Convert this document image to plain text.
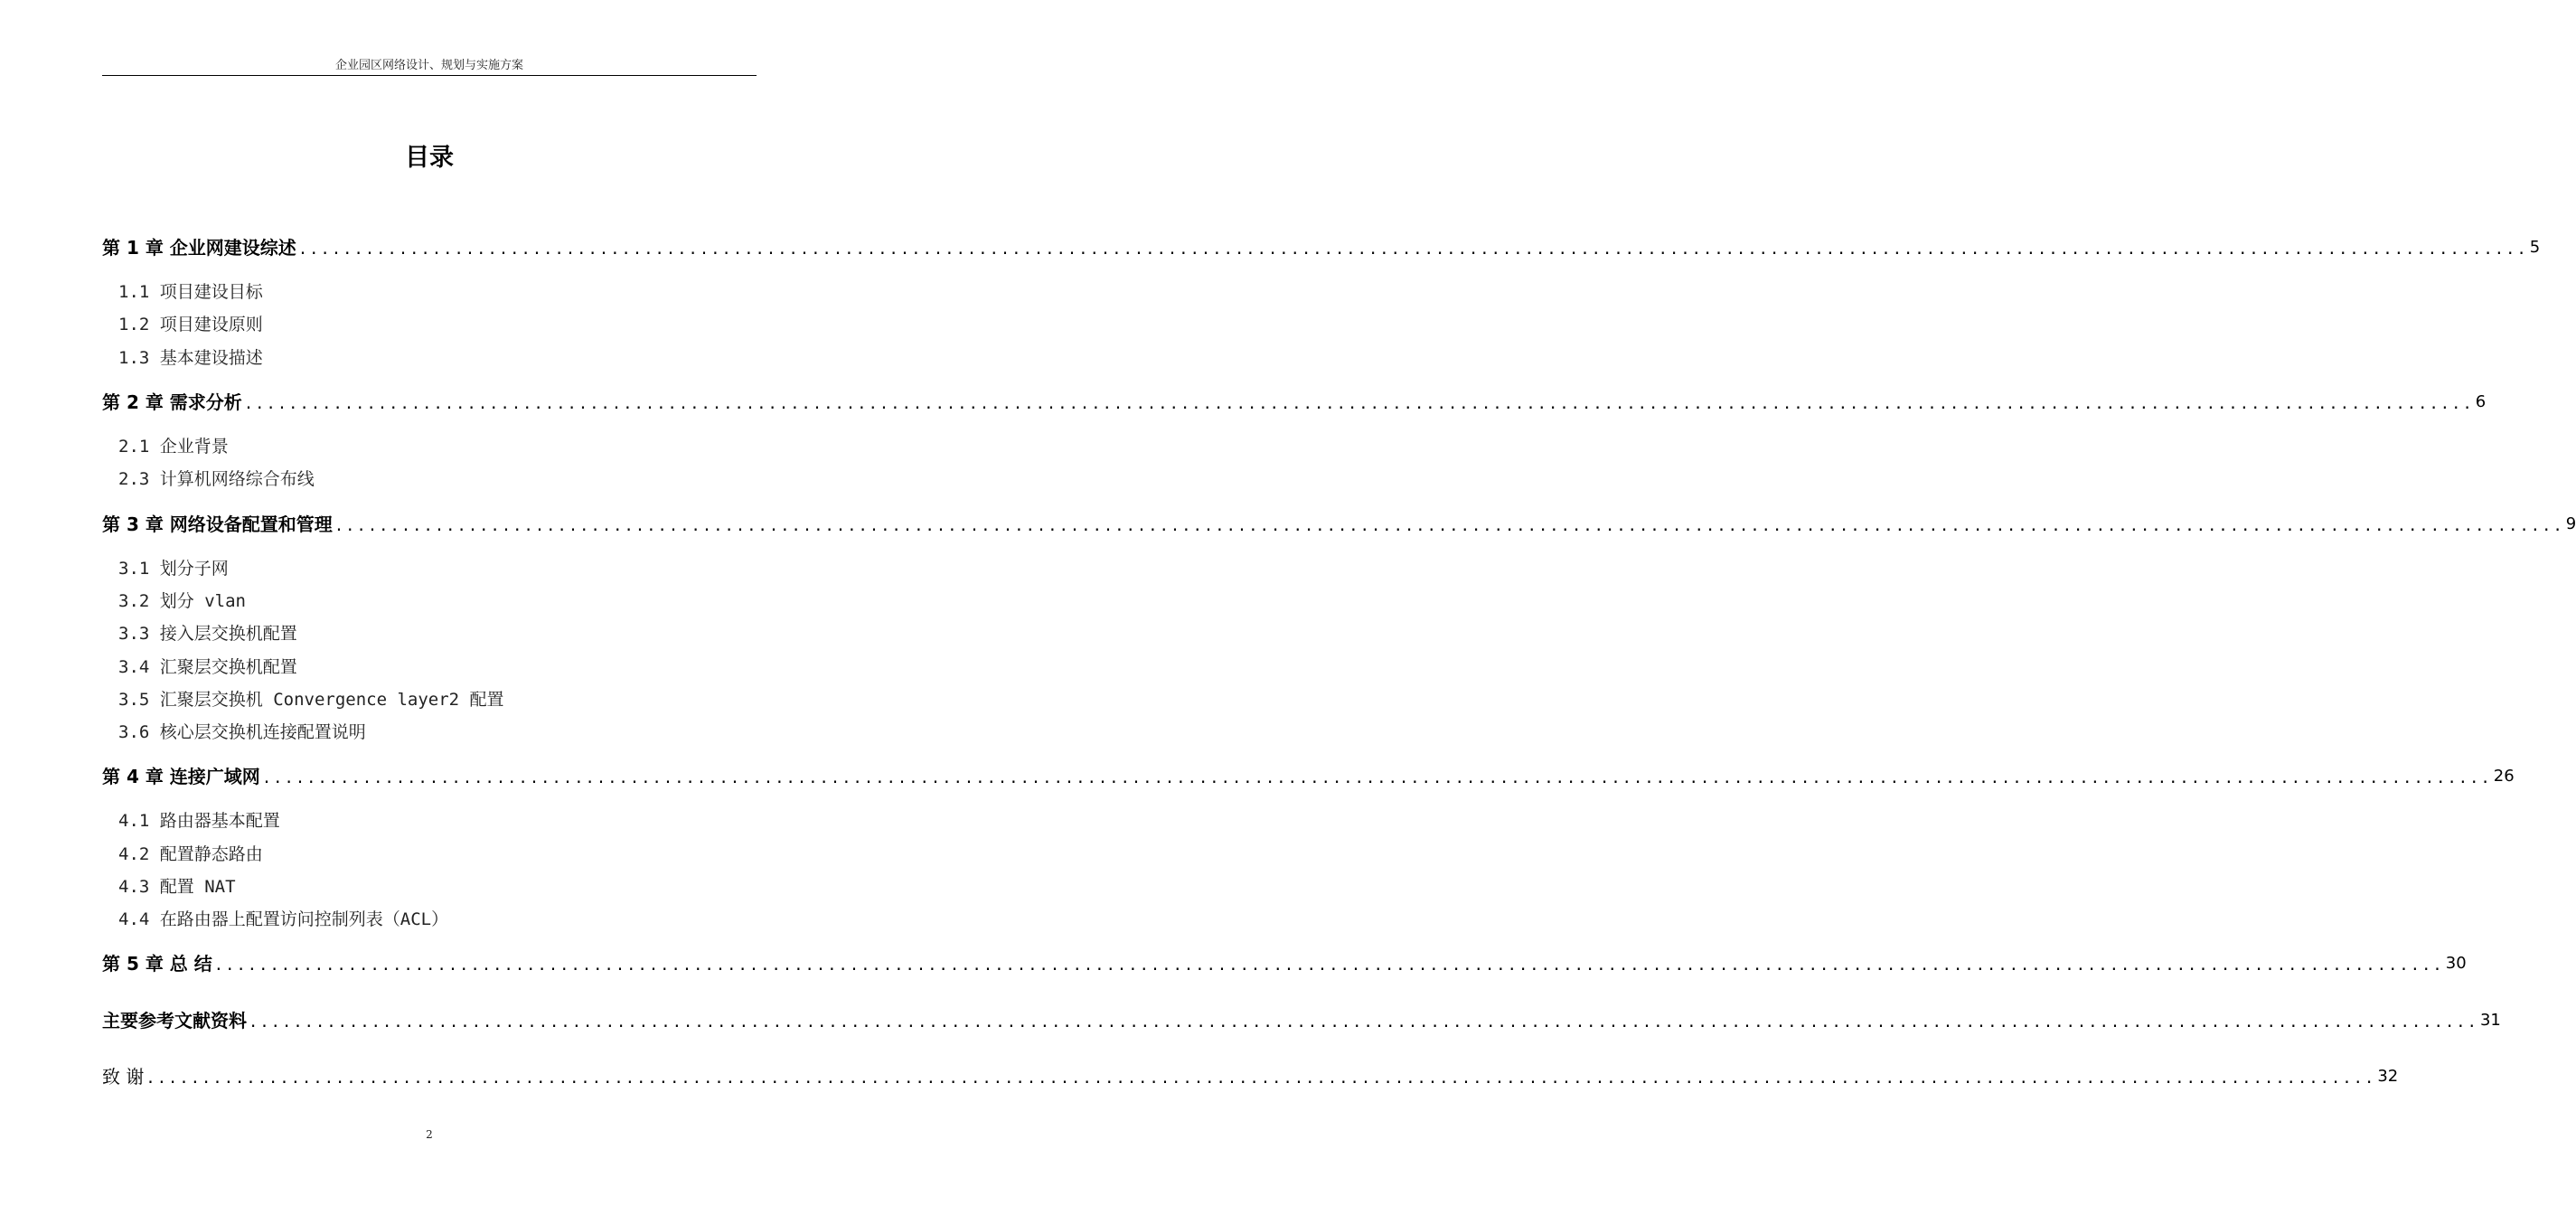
企业园区网络设计、规划与实施方案
目录
第 1 章 企业网建设综述 ........................................................................................................................................................................................................ 5
1.1 项目建设目标
1.2 项目建设原则
1.3 基本建设描述
第 2 章 需求分析 ........................................................................................................................................................................................................ 6
2.1 企业背景
2.3 计算机网络综合布线
第 3 章 网络设备配置和管理 ........................................................................................................................................................................................................ 9
3.1 划分子网
3.2 划分 vlan
3.3 接入层交换机配置
3.4 汇聚层交换机配置
3.5 汇聚层交换机 Convergence layer2 配置
3.6 核心层交换机连接配置说明
第 4 章 连接广域网 ........................................................................................................................................................................................................ 26
4.1 路由器基本配置
4.2 配置静态路由
4.3 配置 NAT
4.4 在路由器上配置访问控制列表（ACL）
第 5 章 总 结 ........................................................................................................................................................................................................ 30
主要参考文献资料 ........................................................................................................................................................................................................ 31
致 谢 ........................................................................................................................................................................................................ 32
2
